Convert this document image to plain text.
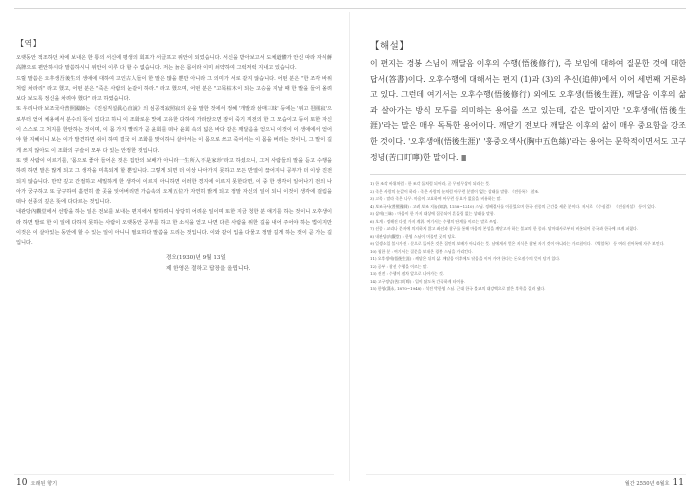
【역】

오랫동안 적조하던 차에 보내온 한 통의 서신에 평생의 회포가 서글프고 위안이 되었습니다. 서신을 받아보고서 도체道體가 안신 따라 자식蔣高牌으로 편안하시다 말씀하시니 위안이 이루 다 할 수 없습니다. 저는 늙은 몸이라 이미 쇠약하여 그럭저럭 지내고 있습니다.

드릴 말씀은 오후생吾後生의 생애에 대하여 고인古人들이 한 말은 많을 뿐만 아니라 그 의미가 서로 같지 않습니다. 어떤 분은 "한 조각 바위처럼 차라리" 라고 했고, 어떤 분은 "죽은 사람의 눈같이 하라." 라고 했으며, 어떤 분은 "고목枯木이 되는 고승을 지날 때 한 발을 들어 올려 보다 보도록 정신을 차려야 했다" 라고 하였습니다.

또 우리나라 보조국사普照國師는 《진심직설眞心直說》의 심공적寂照寂의 운을 말한 것에서 정혜 '개발과 삼매三昧' 등에는 '위고 원圓寂'으로부터 얻어 체용에서 분수의 뜻이 있다고 하니 이 조화로운 맛에 고유한 다하여 가라앉으면 잠이 죽기 직전의 한 그 모습이고 등이 또한 자신이 스스로 그 처지를 한탄하는 것이며, 이 몸 가지 빨리가 곧 윤회를 떠나 윤회 속의 넓은 바다 같은 깨달음을 얻으니 이것이 이 생애에서 얻어야 할 지혜이니 보는 이가 발견하면 쉬이 하며 결국 이 조화를 맞이하니 살아서는 이 몸으로 쓰고 죽어서는 이 몸을 버리는 것이니, 그 말이 길게 쓰지 않아도 이 조화의 구슬이 모두 다 있는 안정한 것입니다.

또 옛 사람이 이르기를, '몸으로 좋아 들어온 것은 집안의 보배가 아니라一生所入不是家珍'라고 하셨으니, 그저 사람들의 말을 듣고 수행을 하려 하면 말은 많게 되고 그 생각을 미혹되게 할 뿐입니다. 그렇게 되면 더 이상 나아가지 못하고 모든 반열이 끊어지니 공부가 더 이상 진전되지 않습니다. 만약 깊고 간절하고 세밀하게 한 생각이 이르지 아니하면 이러한 경지에 이르지 못한다면, 이 중 한 생각이 일어나기 전의 나아가 궁구하고 또 궁구하여 홀연히 쓸 곳을 잊어버리면 가슴속의 오계五位가 자연히 밝게 되고 정말 자신의 일이 되니 이것이 생각에 걸림을 떠나 선종의 깊은 뜻에 다다르는 것입니다.

내관당內觀堂에서 선방을 하는 일은 전보를 보내는 편지에서 말하려니 상당히 어려운 일이며 또한 지금 청한 분 얘기를 하는 것이니 오후생이라 하면 발로 한 이 일에 다하지 못하는 사람이 오랫동안 공부를 하고 한 소식을 얻고 나면 다른 사람을 위한 길을 내어 주어야 하는 법이지만 이것은 이 살아있는 동안에 할 수 있는 일이 아니니 필요하다 말씀을 드리는 것입니다. 이와 같이 입을 다물고 정말 길게 하는 것이 곧 가는 길입니다.

경오(1930)년 9월 13일
제 한영은 절하고 답장을 올립니다.
【해설】

이 편지는 경봉 스님이 깨달음 이후의 수행(悟後修行), 즉 보임에 대하여 질문한 것에 대한 답서(答書)이다. 오후수행에 대해서는 편지 (1)과 (3)의 추신(追伸)에서 이어 세번째 거론하고 있다. 그런데 여기서는 오후수행(悟後修行) 외에도 오후생(悟後生涯), 깨달음 이후의 삶과 살아가는 방식 모두를 의미하는 용어를 쓰고 있는데, 같은 말이지만 '오후생애(悟後生涯)'라는 말은 매우 독특한 용어이다. 깨닫기 전보다 깨달은 이후의 삶이 매우 중요함을 강조한 것이다. '오후생애(悟後生涯)' '훙중오색사(胸中五色絲)'라는 용어는 문학적이면서도 고구정녕(苦口叮嚀)한 말이다. ䷀

1) 한 조각 바위처럼 : 한 조각 돌처럼 되어라, 곧 무념무상이 되라는 뜻.

2) 죽은 사람의 눈같이 하라 : 죽은 사람의 눈처럼 아무런 분별이 없는 상태를 말함. 《전등록》 참조.

3) 고목 : 말라 죽은 나무. 마음이 고요하여 아무런 동요가 없음을 비유하는 말.

4) 보조국사(普照國師) : 고려 보조 지눌(知訥, 1158~1210) 스님. 정혜결사를 이끌었으며 한국 선종의 근간을 세운 분이다. 저서로 《수심결》 《진심직설》 등이 있다.

5) 삼매(三昧) : 마음이 한 가지 대상에 집중되어 흔들림 없는 상태를 말함.

6) 오계 : 정해진 다섯 가지 계위. 여기서는 수행의 단계를 이르는 말로 쓰임.

7) 선종 : 교리나 문자에 의지하지 않고 좌선과 참구를 통해 마음의 본성을 깨닫고자 하는 불교의 한 종파. 달마대사로부터 비롯되어 중국과 한국에 크게 퍼졌다.

8) 내관당(內觀堂) : 한영 스님이 머물던 곳의 당호.

9) 일생소입 불시가진 : 문으로 들어온 것은 집안의 보배가 아니라는 뜻. 남에게서 얻은 지식은 참된 자기 것이 아니라는 가르침이다. 《벽암록》 등 여러 선어록에 자주 보인다.

10) 청한 분 : 여기서는 질문을 보내온 경봉 스님을 가리킨다.

11) 오후생애(悟後生涯) : 깨달은 뒤의 삶. 깨달음 이후에도 닦음을 이어 가야 한다는 돈오점수의 뜻이 담겨 있다.

12) 공부 : 참선 수행을 이르는 말.

13) 진전 : 수행이 점차 앞으로 나아가는 것.

14) 고구정녕(苦口叮嚀) : 입이 닳도록 간곡하게 타이름.

15) 한영(漢永, 1870~1948) : 석전 박한영 스님. 근대 한국 불교의 대강백으로 많은 후학을 길러 냈다.

10 오래된 향기	월간 2550년 6월호 11
